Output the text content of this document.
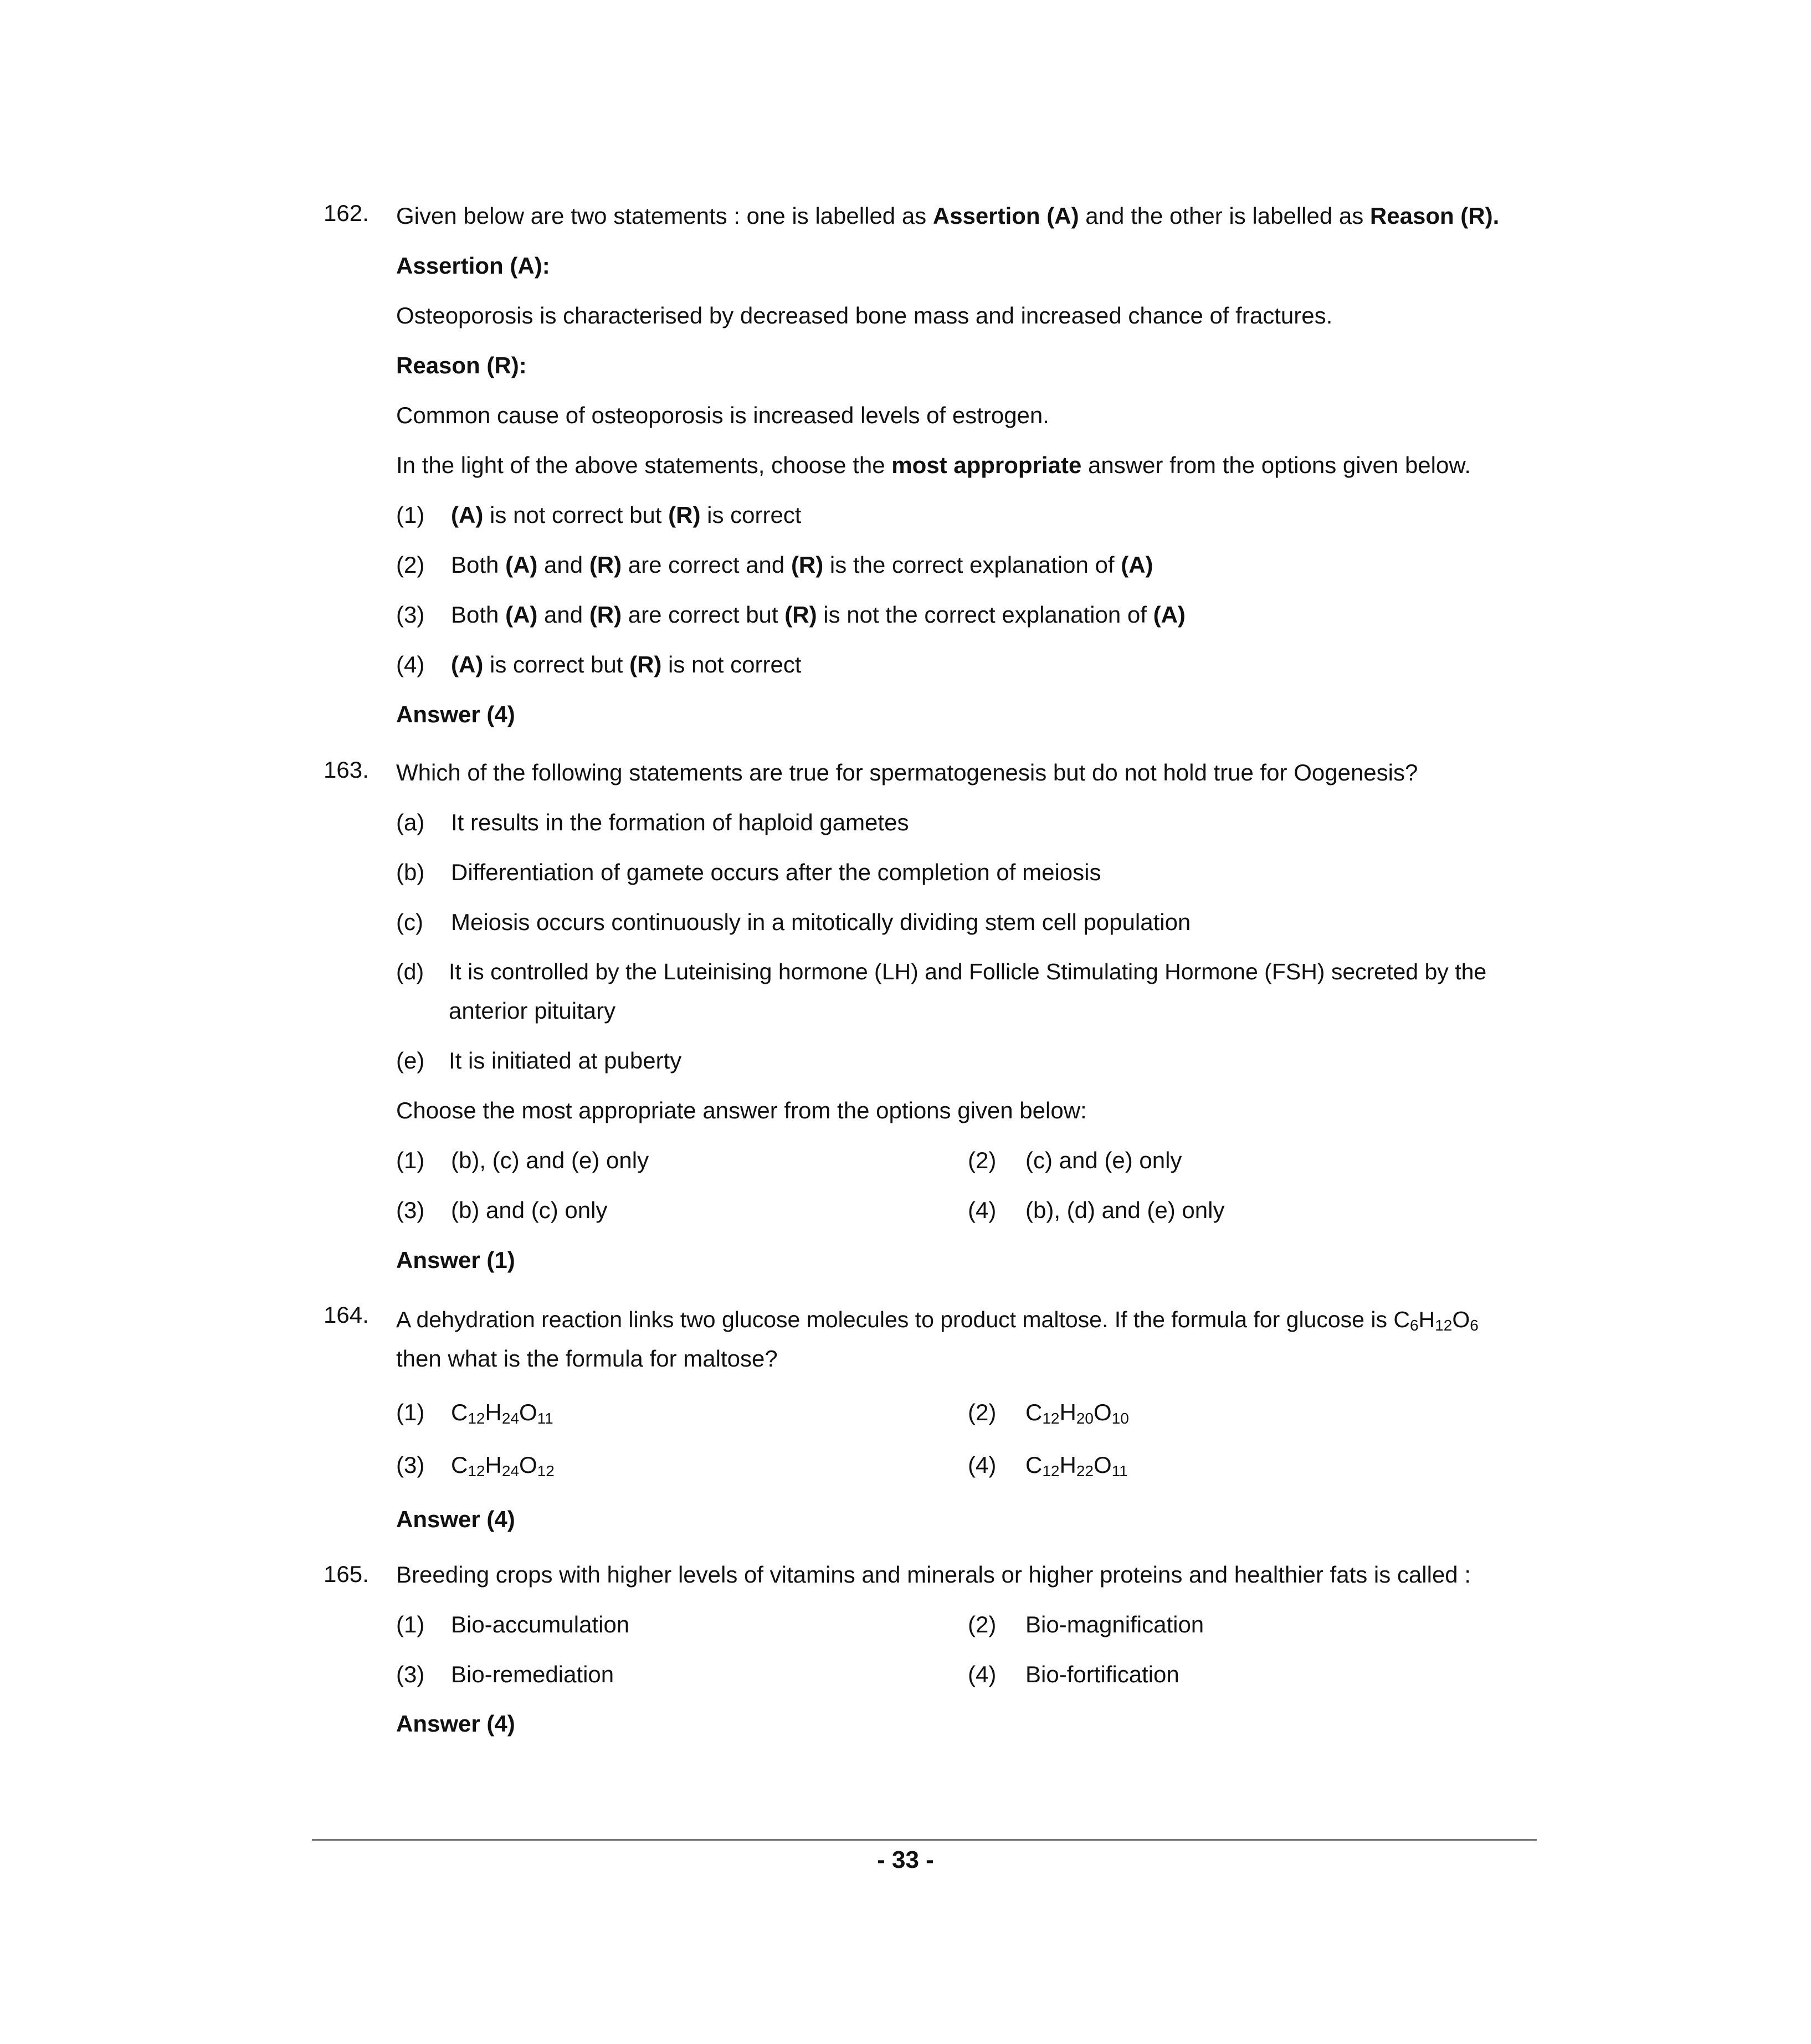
162. Given below are two statements : one is labelled as Assertion (A) and the other is labelled as Reason (R).
Assertion (A):
Osteoporosis is characterised by decreased bone mass and increased chance of fractures.
Reason (R):
Common cause of osteoporosis is increased levels of estrogen.
In the light of the above statements, choose the most appropriate answer from the options given below.
(1) (A) is not correct but (R) is correct
(2) Both (A) and (R) are correct and (R) is the correct explanation of (A)
(3) Both (A) and (R) are correct but (R) is not the correct explanation of (A)
(4) (A) is correct but (R) is not correct
Answer (4)
163. Which of the following statements are true for spermatogenesis but do not hold true for Oogenesis?
(a) It results in the formation of haploid gametes
(b) Differentiation of gamete occurs after the completion of meiosis
(c) Meiosis occurs continuously in a mitotically dividing stem cell population
(d) It is controlled by the Luteinising hormone (LH) and Follicle Stimulating Hormone (FSH) secreted by the
anterior pituitary
(e) It is initiated at puberty
Choose the most appropriate answer from the options given below:
(1) (b), (c) and (e) only	(2) (c) and (e) only
(3) (b) and (c) only	(4) (b), (d) and (e) only
Answer (1)
164. A dehydration reaction links two glucose molecules to product maltose. If the formula for glucose is $C_6H_{12}O_6$
then what is the formula for maltose?
(1) $C_{12}H_{24}O_{11}$	(2) $C_{12}H_{20}O_{10}$
(3) $C_{12}H_{24}O_{12}$	(4) $C_{12}H_{22}O_{11}$
Answer (4)
165. Breeding crops with higher levels of vitamins and minerals or higher proteins and healthier fats is called :
(1) Bio-accumulation	(2) Bio-magnification
(3) Bio-remediation	(4) Bio-fortification
Answer (4)
- 33 -
